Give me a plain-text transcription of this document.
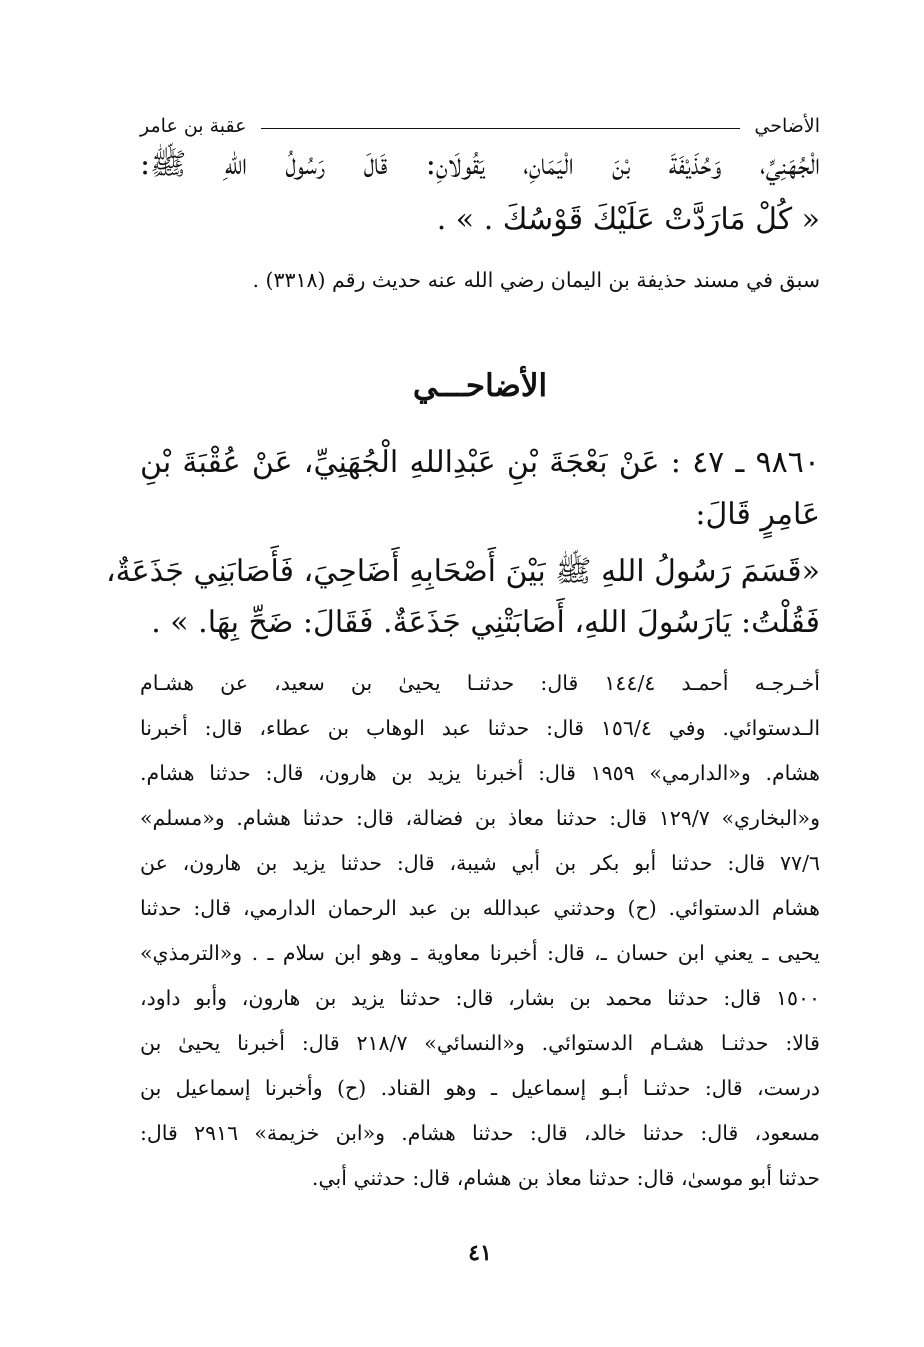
الأضاحي
عقبة بن عامر
الْجُهَنِيِّ، وَحُذَيْفَةَ بْنَ الْيَمَانِ، يَقُولَانِ: قَالَ رَسُولُ اللهِ ﷺ:
« كُلْ مَارَدَّتْ عَلَيْكَ قَوْسُكَ . » .
سبق في مسند حذيفة بن اليمان رضي الله عنه حديث رقم (٣٣١٨) .
الأضاحـــي
٩٨٦٠ ـ ٤٧ : عَنْ بَعْجَةَ بْنِ عَبْدِاللهِ الْجُهَنِيِّ، عَنْ عُقْبَةَ بْنِ
عَامِرٍ قَالَ:
«قَسَمَ رَسُولُ اللهِ ﷺ بَيْنَ أَصْحَابِهِ أَضَاحِيَ، فَأَصَابَنِي جَذَعَةٌ،
فَقُلْتُ: يَارَسُولَ اللهِ، أَصَابَتْنِي جَذَعَةٌ. فَقَالَ: ضَحِّ بِهَا. » .
أخـرجـه أحمـد ١٤٤/٤ قال: حدثنـا يحيىٰ بن سعيد، عن هشـام
الـدستوائي. وفي ١٥٦/٤ قال: حدثنا عبد الوهاب بن عطاء، قال: أخبرنا
هشام. و«الدارمي» ١٩٥٩ قال: أخبرنا يزيد بن هارون، قال: حدثنا هشام.
و«البخاري» ١٢٩/٧ قال: حدثنا معاذ بن فضالة، قال: حدثنا هشام. و«مسلم»
٧٧/٦ قال: حدثنا أبو بكر بن أبي شيبة، قال: حدثنا يزيد بن هارون، عن
هشام الدستوائي. (ح) وحدثني عبدالله بن عبد الرحمان الدارمي، قال: حدثنا
يحيى ـ يعني ابن حسان ـ، قال: أخبرنا معاوية ـ وهو ابن سلام ـ . و«الترمذي»
١٥٠٠ قال: حدثنا محمد بن بشار، قال: حدثنا يزيد بن هارون، وأبو داود،
قالا: حدثنـا هشـام الدستوائي. و«النسائي» ٢١٨/٧ قال: أخبرنا يحيىٰ بن
درست، قال: حدثنـا أبـو إسماعيل ـ وهو القناد. (ح) وأخبرنا إسماعيل بن
مسعود، قال: حدثنا خالد، قال: حدثنا هشام. و«ابن خزيمة» ٢٩١٦ قال:
حدثنا أبو موسىٰ، قال: حدثنا معاذ بن هشام، قال: حدثني أبي.
٤١
